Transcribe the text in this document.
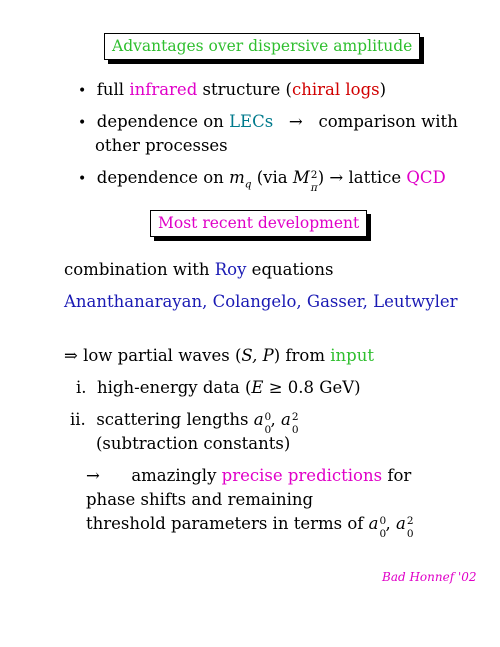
Advantages over dispersive amplitude
• full infrared structure (chiral logs)
• dependence on LECs → comparison with
other processes
• dependence on $m_q$ (via M 2
π
) → lattice QCD
Most recent development
combination with Roy equations
Ananthanarayan, Colangelo, Gasser, Leutwyler
⇒ low partial waves (S, P) from input
i. high-energy data (E ≥ 0.8 GeV)
ii. scattering lengths a 0
0
, a 2
0
(subtraction constants)
→ amazingly precise predictions for
phase shifts and remaining
threshold parameters in terms of a 0
0
, a 2
0
Bad Honnef '02
